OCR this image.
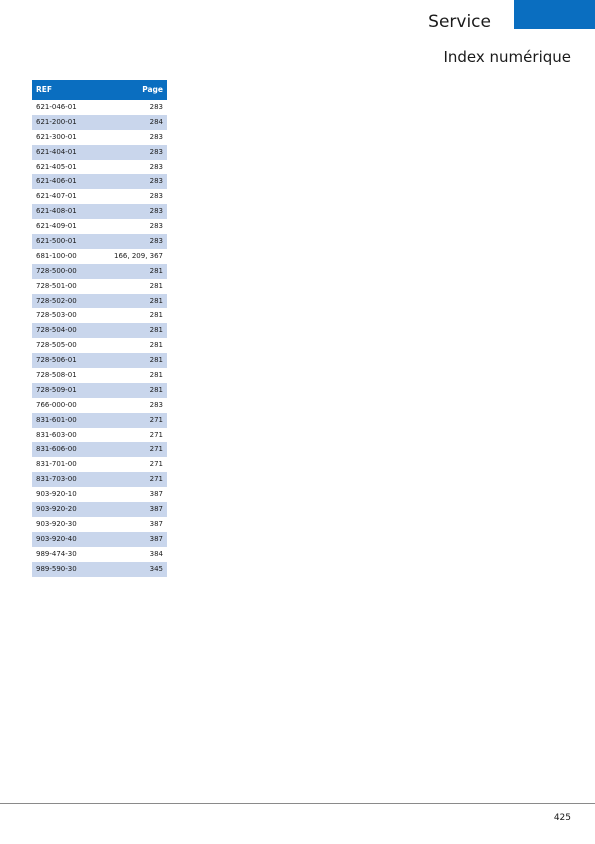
Service
Index numérique
REF	Page
621-046-01	283
621-200-01	284
621-300-01	283
621-404-01	283
621-405-01	283
621-406-01	283
621-407-01	283
621-408-01	283
621-409-01	283
621-500-01	283
681-100-00	166, 209, 367
728-500-00	281
728-501-00	281
728-502-00	281
728-503-00	281
728-504-00	281
728-505-00	281
728-506-01	281
728-508-01	281
728-509-01	281
766-000-00	283
831-601-00	271
831-603-00	271
831-606-00	271
831-701-00	271
831-703-00	271
903-920-10	387
903-920-20	387
903-920-30	387
903-920-40	387
989-474-30	384
989-590-30	345
425
